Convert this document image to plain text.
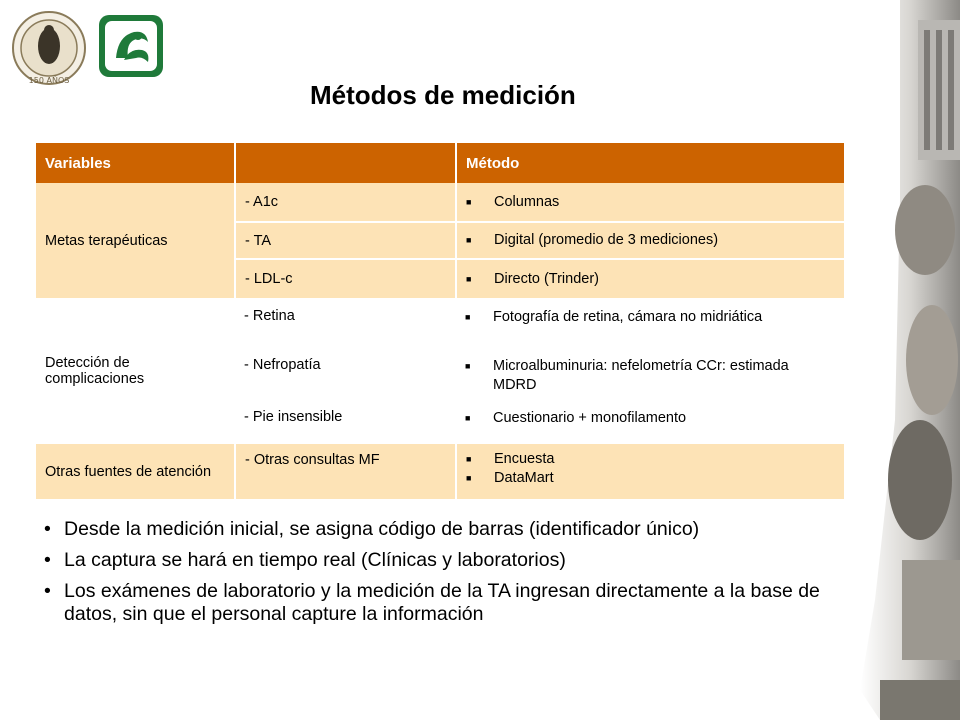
150 AÑOS	Métodos de medición
Variables		Método
Metas terapéuticas	- A1c	■ Columnas

	- TA	■ Digital (promedio de 3 mediciones)

	- LDL-c	■ Directo (Trinder)

Detección de complicaciones	- Retina	■ Fotografía de retina, cámara no midriática

	- Nefropatía	■ Microalbuminuria: nefelometría CCr: estimada MDRD

	- Pie insensible	■ Cuestionario + monofilamento

Otras fuentes de atención	- Otras consultas MF	■ Encuesta
■ DataMart
• Desde la medición inicial, se asigna código de barras (identificador único)
• La captura se hará en tiempo real (Clínicas y laboratorios)
• Los exámenes de laboratorio y la medición de la TA ingresan directamente a la base de datos, sin que el personal capture la información
